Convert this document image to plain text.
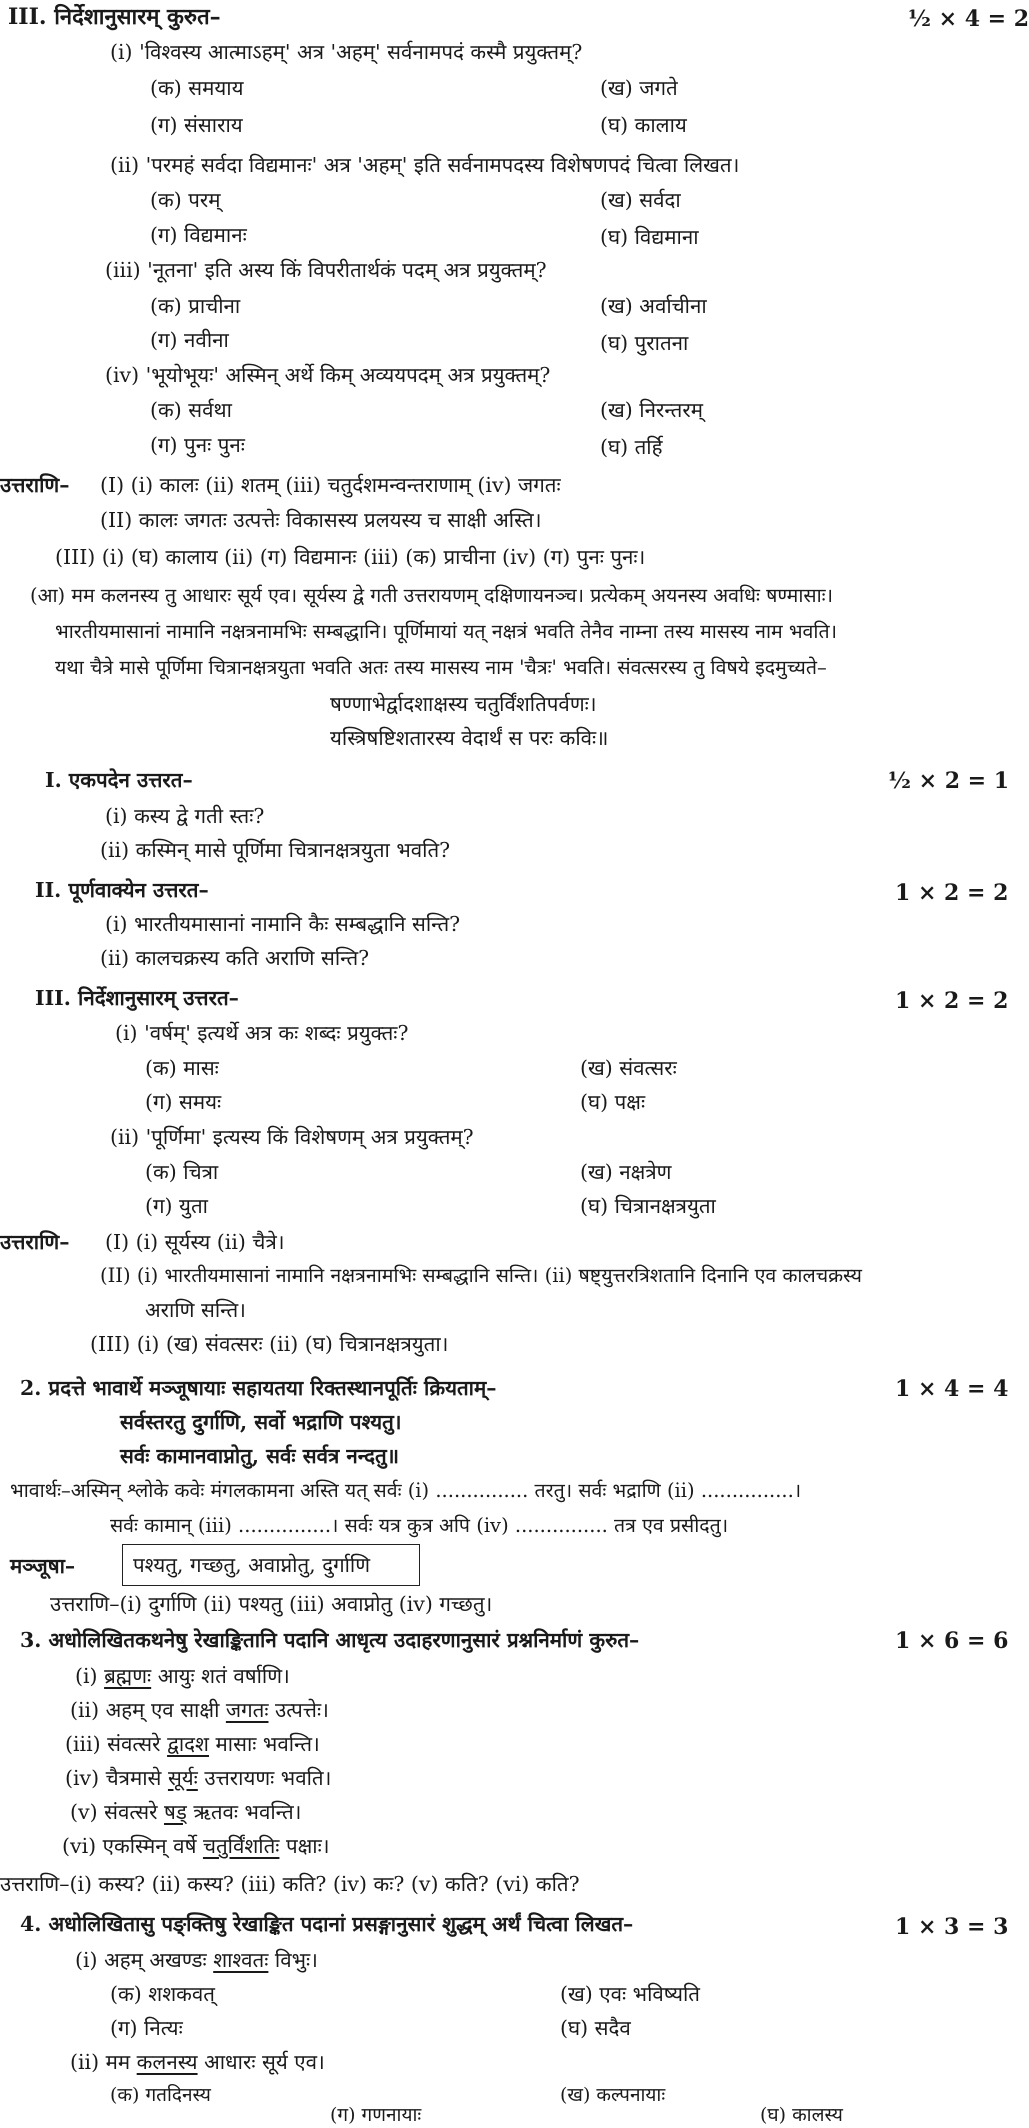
III. निर्देशानुसारम् कुरुत–	½ × 4 = 2
(i) 'विश्वस्य आत्माऽहम्' अत्र 'अहम्' सर्वनामपदं कस्मै प्रयुक्तम्?
(क) समयाय	(ख) जगते
(ग) संसाराय	(घ) कालाय
(ii) 'परमहं सर्वदा विद्यमानः' अत्र 'अहम्' इति सर्वनामपदस्य विशेषणपदं चित्वा लिखत।
(क) परम्	(ख) सर्वदा
(ग) विद्यमानः	(घ) विद्यमाना
(iii) 'नूतना' इति अस्य किं विपरीतार्थकं पदम् अत्र प्रयुक्तम्?
(क) प्राचीना	(ख) अर्वाचीना
(ग) नवीना	(घ) पुरातना
(iv) 'भूयोभूयः' अस्मिन् अर्थे किम् अव्ययपदम् अत्र प्रयुक्तम्?
(क) सर्वथा	(ख) निरन्तरम्
(ग) पुनः पुनः	(घ) तर्हि
उत्तराणि– (I) (i) कालः (ii) शतम् (iii) चतुर्दशमन्वन्तराणाम् (iv) जगतः
(II) कालः जगतः उत्पत्तेः विकासस्य प्रलयस्य च साक्षी अस्ति।
(III) (i) (घ) कालाय (ii) (ग) विद्यमानः (iii) (क) प्राचीना (iv) (ग) पुनः पुनः।
(आ) मम कलनस्य तु आधारः सूर्य एव। सूर्यस्य द्वे गती उत्तरायणम् दक्षिणायनञ्च। प्रत्येकम् अयनस्य अवधिः षण्मासाः।
भारतीयमासानां नामानि नक्षत्रनामभिः सम्बद्धानि। पूर्णिमायां यत् नक्षत्रं भवति तेनैव नाम्ना तस्य मासस्य नाम भवति।
यथा चैत्रे मासे पूर्णिमा चित्रानक्षत्रयुता भवति अतः तस्य मासस्य नाम 'चैत्रः' भवति। संवत्सरस्य तु विषये इदमुच्यते–
षण्णाभेर्द्वादशाक्षस्य चतुर्विंशतिपर्वणः।
यस्त्रिषष्टिशतारस्य वेदार्थं स परः कविः॥
I. एकपदेन उत्तरत–	½ × 2 = 1
(i) कस्य द्वे गती स्तः?
(ii) कस्मिन् मासे पूर्णिमा चित्रानक्षत्रयुता भवति?
II. पूर्णवाक्येन उत्तरत–	1 × 2 = 2
(i) भारतीयमासानां नामानि कैः सम्बद्धानि सन्ति?
(ii) कालचक्रस्य कति अराणि सन्ति?
III. निर्देशानुसारम् उत्तरत–	1 × 2 = 2
(i) 'वर्षम्' इत्यर्थे अत्र कः शब्दः प्रयुक्तः?
(क) मासः	(ख) संवत्सरः
(ग) समयः	(घ) पक्षः
(ii) 'पूर्णिमा' इत्यस्य किं विशेषणम् अत्र प्रयुक्तम्?
(क) चित्रा	(ख) नक्षत्रेण
(ग) युता	(घ) चित्रानक्षत्रयुता
उत्तराणि– (I) (i) सूर्यस्य (ii) चैत्रे।
(II) (i) भारतीयमासानां नामानि नक्षत्रनामभिः सम्बद्धानि सन्ति। (ii) षष्ट्युत्तरत्रिशतानि दिनानि एव कालचक्रस्य
अराणि सन्ति।
(III) (i) (ख) संवत्सरः (ii) (घ) चित्रानक्षत्रयुता।
2. प्रदत्ते भावार्थे मञ्जूषायाः सहायतया रिक्तस्थानपूर्तिः क्रियताम्–	1 × 4 = 4
सर्वस्तरतु दुर्गाणि, सर्वो भद्राणि पश्यतु।
सर्वः कामानवाप्नोतु, सर्वः सर्वत्र नन्दतु॥
भावार्थः–अस्मिन् श्लोके कवेः मंगलकामना अस्ति यत् सर्वः (i) ............... तरतु। सर्वः भद्राणि (ii) ...............।
सर्वः कामान् (iii) ...............। सर्वः यत्र कुत्र अपि (iv) ............... तत्र एव प्रसीदतु।
मञ्जूषा–	पश्यतु, गच्छतु, अवाप्नोतु, दुर्गाणि
उत्तराणि–(i) दुर्गाणि (ii) पश्यतु (iii) अवाप्नोतु (iv) गच्छतु।
3. अधोलिखितकथनेषु रेखाङ्कितानि पदानि आधृत्य उदाहरणानुसारं प्रश्ननिर्माणं कुरुत–	1 × 6 = 6
(i) ब्रह्मणः आयुः शतं वर्षाणि।
(ii) अहम् एव साक्षी जगतः उत्पत्तेः।
(iii) संवत्सरे द्वादश मासाः भवन्ति।
(iv) चैत्रमासे सूर्यः उत्तरायणः भवति।
(v) संवत्सरे षड् ऋतवः भवन्ति।
(vi) एकस्मिन् वर्षे चतुर्विंशतिः पक्षाः।
उत्तराणि–(i) कस्य? (ii) कस्य? (iii) कति? (iv) कः? (v) कति? (vi) कति?
4. अधोलिखितासु पङ्क्तिषु रेखाङ्कित पदानां प्रसङ्गानुसारं शुद्धम् अर्थं चित्वा लिखत–	1 × 3 = 3
(i) अहम् अखण्डः शाश्वतः विभुः।
(क) शशकवत्	(ख) एवः भविष्यति
(ग) नित्यः	(घ) सदैव
(ii) मम कलनस्य आधारः सूर्य एव।
(क) गतदिनस्य	(ख) कल्पनायाः
(ग) गणनायाः	(घ) कालस्य
